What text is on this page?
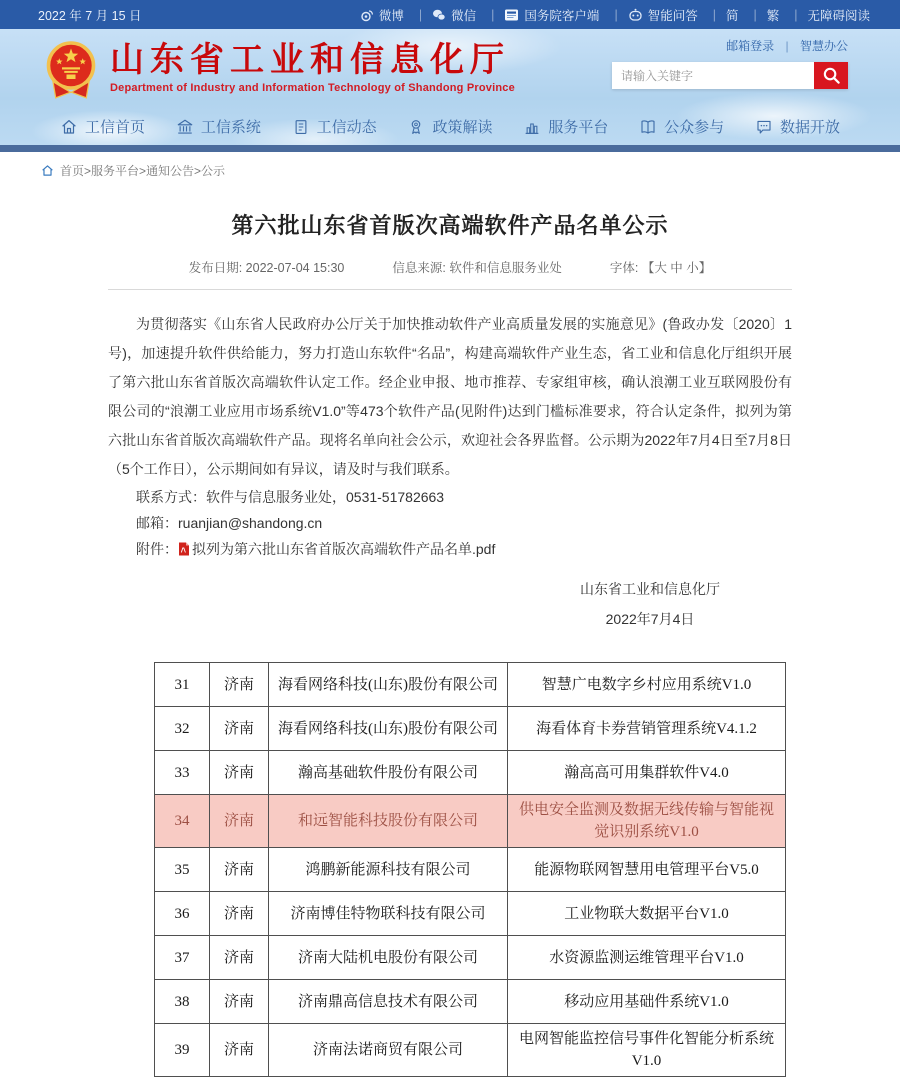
2022 年 7 月 15 日	微博
|	微信
|	国务院客户端
|	智能问答
| 简
| 繁
| 无障碍阅读
山东省工业和信息化厅
Department of Industry and Information Technology of Shandong Province
邮箱登录 | 智慧办公
请输入关键字
工信首页	工信系统	工信动态	政策解读	服务平台	公众参与	数据开放
首页>服务平台>通知公告>公示
第六批山东省首版次高端软件产品名单公示
发布日期: 2022-07-04 15:30	信息来源: 软件和信息服务业处	字体: 【大 中 小】

为贯彻落实《山东省人民政府办公厅关于加快推动软件产业高质量发展的实施意见》(鲁政办发〔2020〕1号)，加速提升软件供给能力，努力打造山东软件“名品”，构建高端软件产业生态，省工业和信息化厅组织开展了第六批山东省首版次高端软件认定工作。经企业申报、地市推荐、专家组审核，确认浪潮工业互联网股份有限公司的“浪潮工业应用市场系统V1.0”等473个软件产品(见附件)达到门槛标准要求，符合认定条件，拟列为第六批山东省首版次高端软件产品。现将名单向社会公示，欢迎社会各界监督。公示期为2022年7月4日至7月8日（5个工作日），公示期间如有异议，请及时与我们联系。

联系方式：软件与信息服务业处，0531-51782663

邮箱：ruanjian@shandong.cn

附件： 拟列为第六批山东省首版次高端软件产品名单.pdf

山东省工业和信息化厅
2022年7月4日
31	济南	海看网络科技(山东)股份有限公司	智慧广电数字乡村应用系统V1.0
32	济南	海看网络科技(山东)股份有限公司	海看体育卡券营销管理系统V4.1.2
33	济南	瀚高基础软件股份有限公司	瀚高高可用集群软件V4.0
34	济南	和远智能科技股份有限公司	供电安全监测及数据无线传输与智能视觉识别系统V1.0
35	济南	鸿鹏新能源科技有限公司	能源物联网智慧用电管理平台V5.0
36	济南	济南博佳特物联科技有限公司	工业物联大数据平台V1.0
37	济南	济南大陆机电股份有限公司	水资源监测运维管理平台V1.0
38	济南	济南鼎高信息技术有限公司	移动应用基础件系统V1.0
39	济南	济南法诺商贸有限公司	电网智能监控信号事件化智能分析系统V1.0
